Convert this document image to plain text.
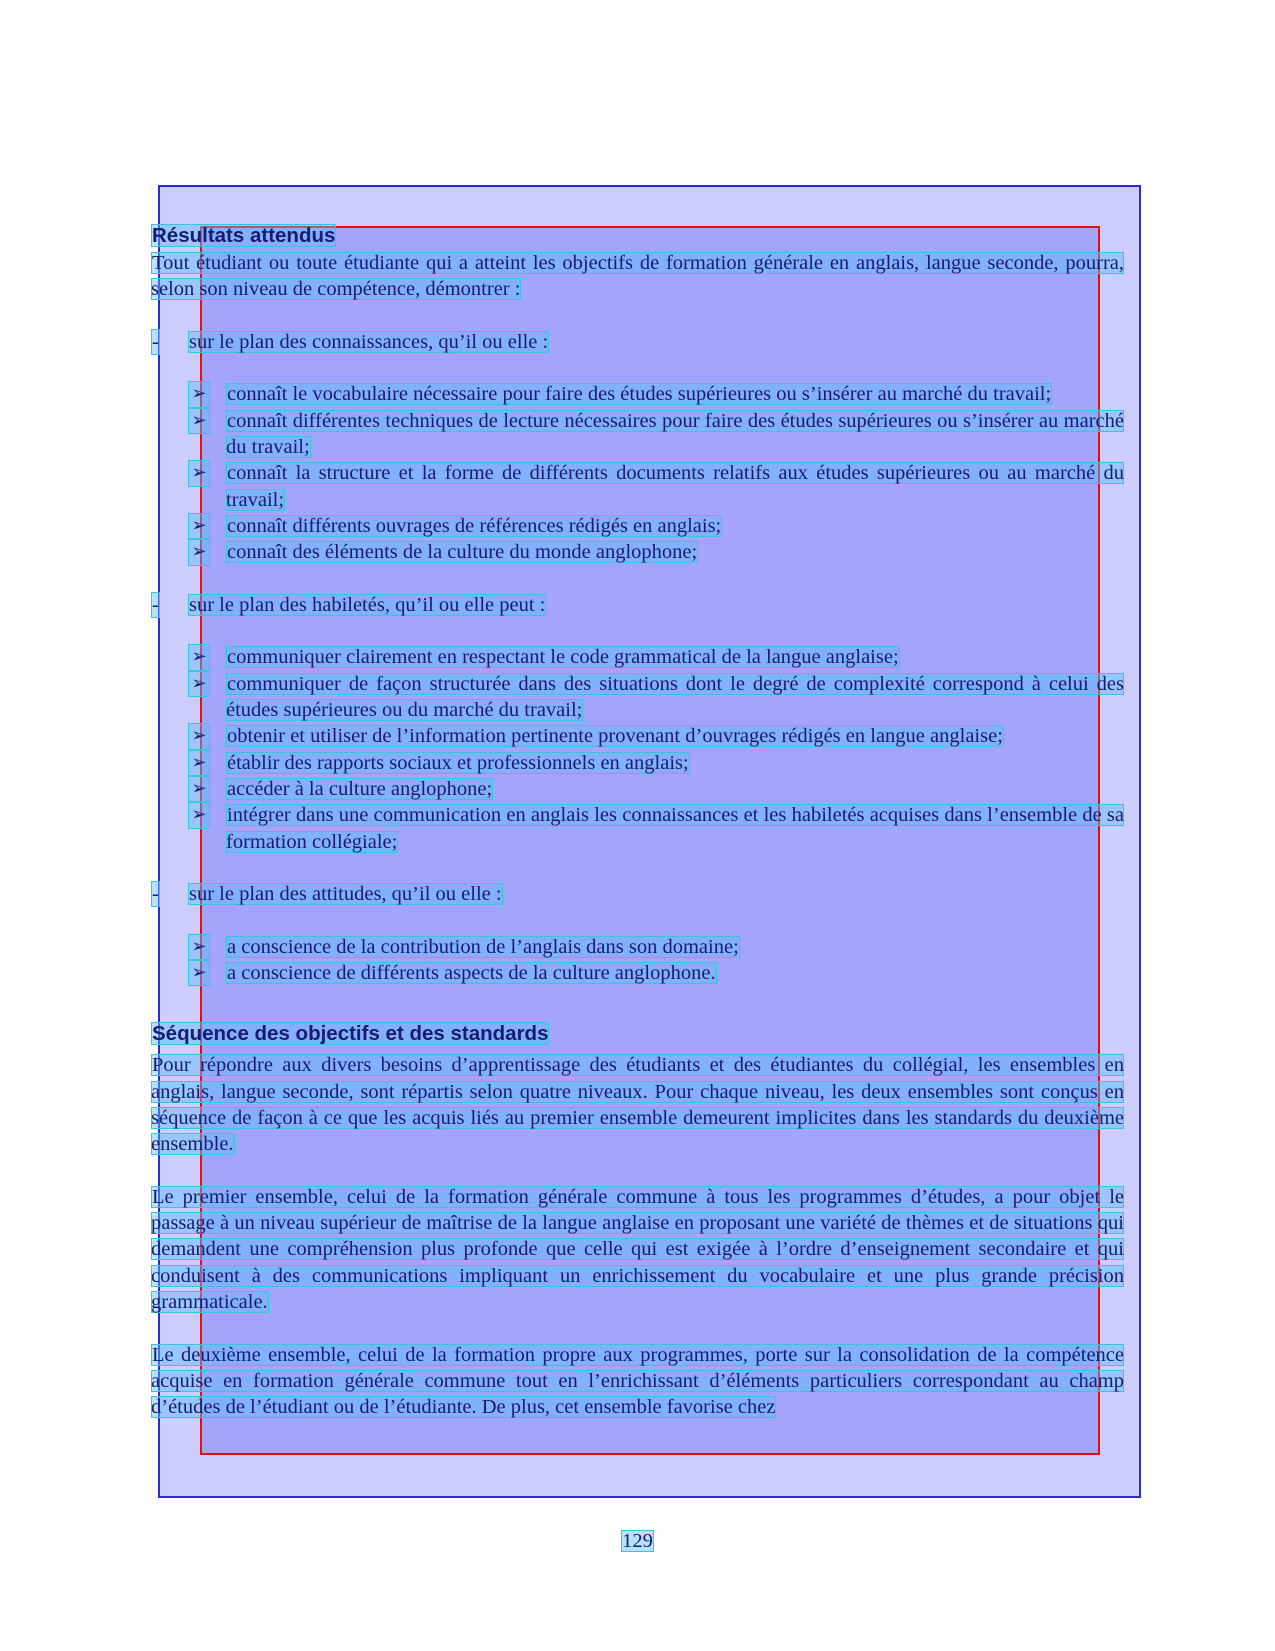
Résultats attendus

Tout étudiant ou toute étudiante qui a atteint les objectifs de formation générale en anglais, langue seconde, pourra, selon son niveau de compétence, démontrer :

- sur le plan des connaissances, qu’il ou elle :
➢ connaît le vocabulaire nécessaire pour faire des études supérieures ou s’insérer au marché du travail;
➢ connaît différentes techniques de lecture nécessaires pour faire des études supérieures ou s’insérer au marché du travail;
➢ connaît la structure et la forme de différents documents relatifs aux études supérieures ou au marché du travail;
➢ connaît différents ouvrages de références rédigés en anglais;
➢ connaît des éléments de la culture du monde anglophone;
- sur le plan des habiletés, qu’il ou elle peut :
➢ communiquer clairement en respectant le code grammatical de la langue anglaise;
➢ communiquer de façon structurée dans des situations dont le degré de complexité correspond à celui des études supérieures ou du marché du travail;
➢ obtenir et utiliser de l’information pertinente provenant d’ouvrages rédigés en langue anglaise;
➢ établir des rapports sociaux et professionnels en anglais;
➢ accéder à la culture anglophone;
➢ intégrer dans une communication en anglais les connaissances et les habiletés acquises dans l’ensemble de sa formation collégiale;
- sur le plan des attitudes, qu’il ou elle :
➢ a conscience de la contribution de l’anglais dans son domaine;
➢ a conscience de différents aspects de la culture anglophone.
Séquence des objectifs et des standards

Pour répondre aux divers besoins d’apprentissage des étudiants et des étudiantes du collégial, les ensembles en anglais, langue seconde, sont répartis selon quatre niveaux. Pour chaque niveau, les deux ensembles sont conçus en séquence de façon à ce que les acquis liés au premier ensemble demeurent implicites dans les standards du deuxième ensemble.

Le premier ensemble, celui de la formation générale commune à tous les programmes d’études, a pour objet le passage à un niveau supérieur de maîtrise de la langue anglaise en proposant une variété de thèmes et de situations qui demandent une compréhension plus profonde que celle qui est exigée à l’ordre d’enseignement secondaire et qui conduisent à des communications impliquant un enrichissement du vocabulaire et une plus grande précision grammaticale.

Le deuxième ensemble, celui de la formation propre aux programmes, porte sur la consolidation de la compétence acquise en formation générale commune tout en l’enrichissant d’éléments particuliers correspondant au champ d’études de l’étudiant ou de l’étudiante. De plus, cet ensemble favorise chez

129
